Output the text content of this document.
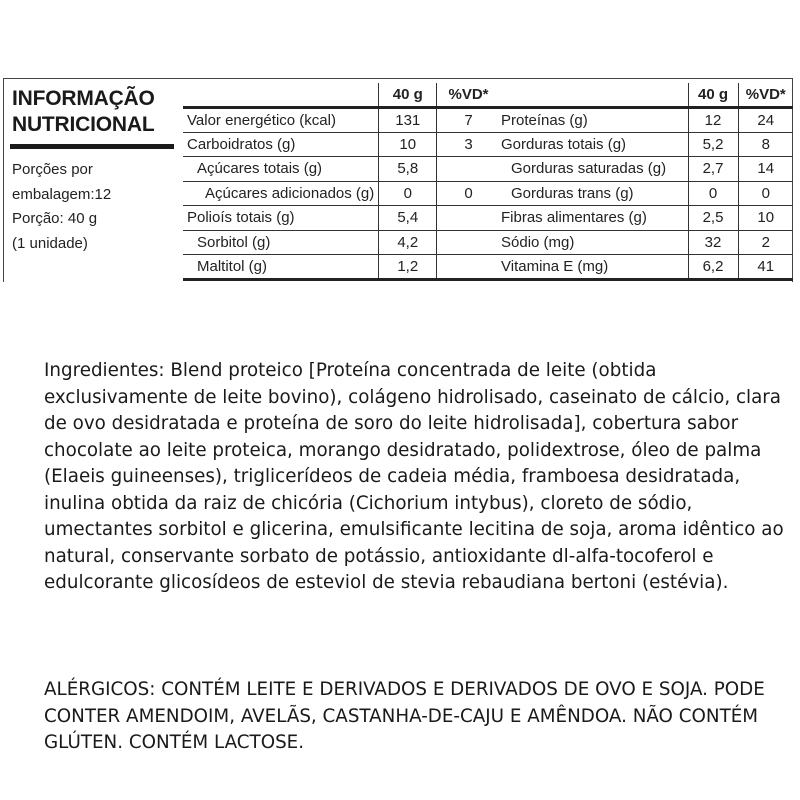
INFORMAÇÃO
NUTRICIONAL
Porções por
embalagem:12
Porção: 40 g
(1 unidade)
	40 g	%VD*
Valor energético (kcal)	131	7
Carboidratos (g)	10	3
Açúcares totais (g)	5,8	
Açúcares adicionados (g)	0	0
Polioís totais (g)	5,4	
Sorbitol (g)	4,2	
Maltitol (g)	1,2	
	40 g	%VD*
Proteínas (g)	12	24
Gorduras totais (g)	5,2	8
Gorduras saturadas (g)	2,7	14
Gorduras trans (g)	0	0
Fibras alimentares (g)	2,5	10
Sódio (mg)	32	2
Vitamina E (mg)	6,2	41

Ingredientes: Blend proteico [Proteína concentrada de leite (obtida exclusivamente de leite bovino), colágeno hidrolisado, caseinato de cálcio, clara de ovo desidratada e proteína de soro do leite hidrolisada], cobertura sabor chocolate ao leite proteica, morango desidratado, polidextrose, óleo de palma (Elaeis guineenses), triglicerídeos de cadeia média, framboesa desidratada, inulina obtida da raiz de chicória (Cichorium intybus), cloreto de sódio, umectantes sorbitol e glicerina, emulsificante lecitina de soja, aroma idêntico ao natural, conservante sorbato de potássio, antioxidante dl-alfa-tocoferol e edulcorante glicosídeos de esteviol de stevia rebaudiana bertoni (estévia).

ALÉRGICOS: CONTÉM LEITE E DERIVADOS E DERIVADOS DE OVO E SOJA. PODE CONTER AMENDOIM, AVELÃS, CASTANHA-DE-CAJU E AMÊNDOA. NÃO CONTÉM GLÚTEN. CONTÉM LACTOSE.
